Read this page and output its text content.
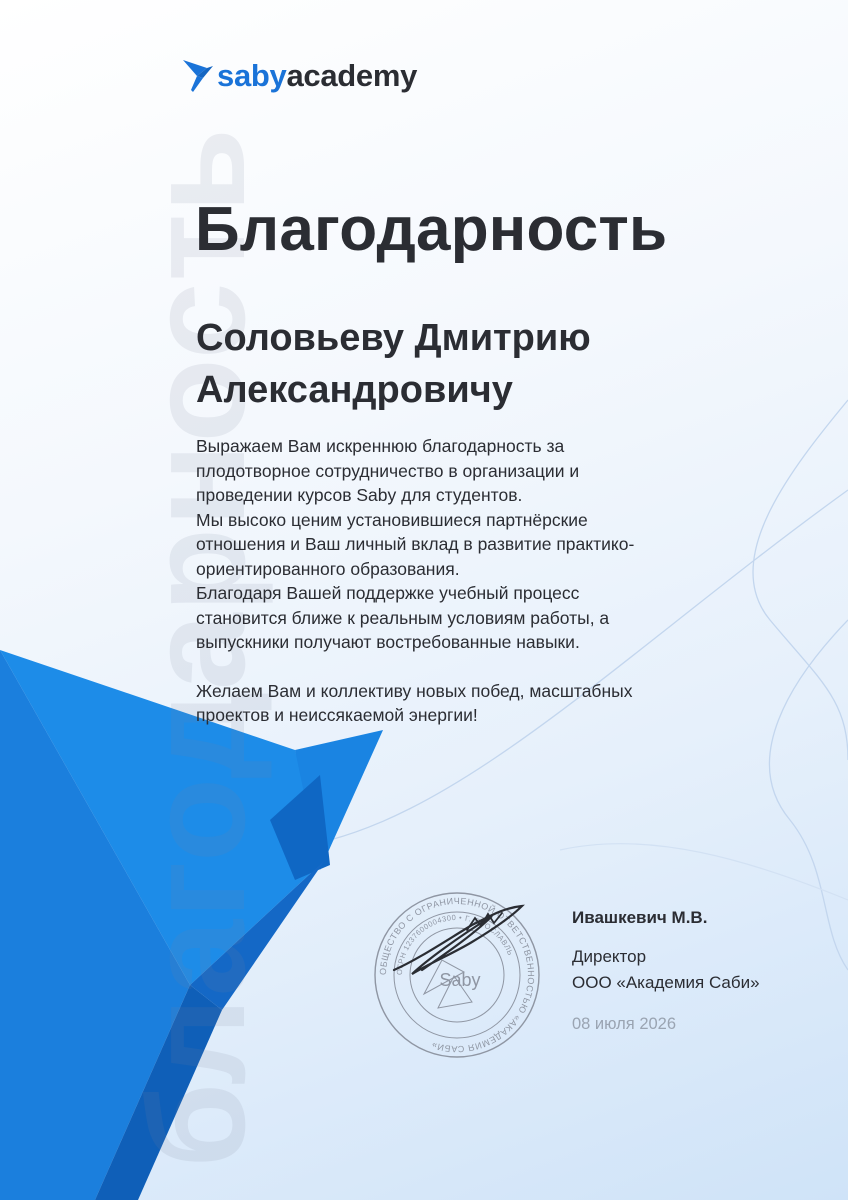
благодарность
sabyacademy
Благодарность
Соловьеву Дмитрию
Александровичу

Выражаем Вам искреннюю благодарность за

плодотворное сотрудничество в организации и

проведении курсов Saby для студентов.

Мы высоко ценим установившиеся партнёрские

отношения и Ваш личный вклад в развитие практико-

ориентированного образования.

Благодаря Вашей поддержке учебный процесс

становится ближе к реальным условиям работы, а

выпускники получают востребованные навыки.

Желаем Вам и коллективу новых побед, масштабных

проектов и неиссякаемой энергии!

ОБЩЕСТВО С ОГРАНИЧЕННОЙ ОТВЕТСТВЕННОСТЬЮ «АКАДЕМИЯ САБИ»
ОГРН 1237600004300 • Г. ЯРОСЛАВЛЬ
Saby
Ивашкевич М.В.
Директор
ООО «Академия Саби»
08 июля 2026
